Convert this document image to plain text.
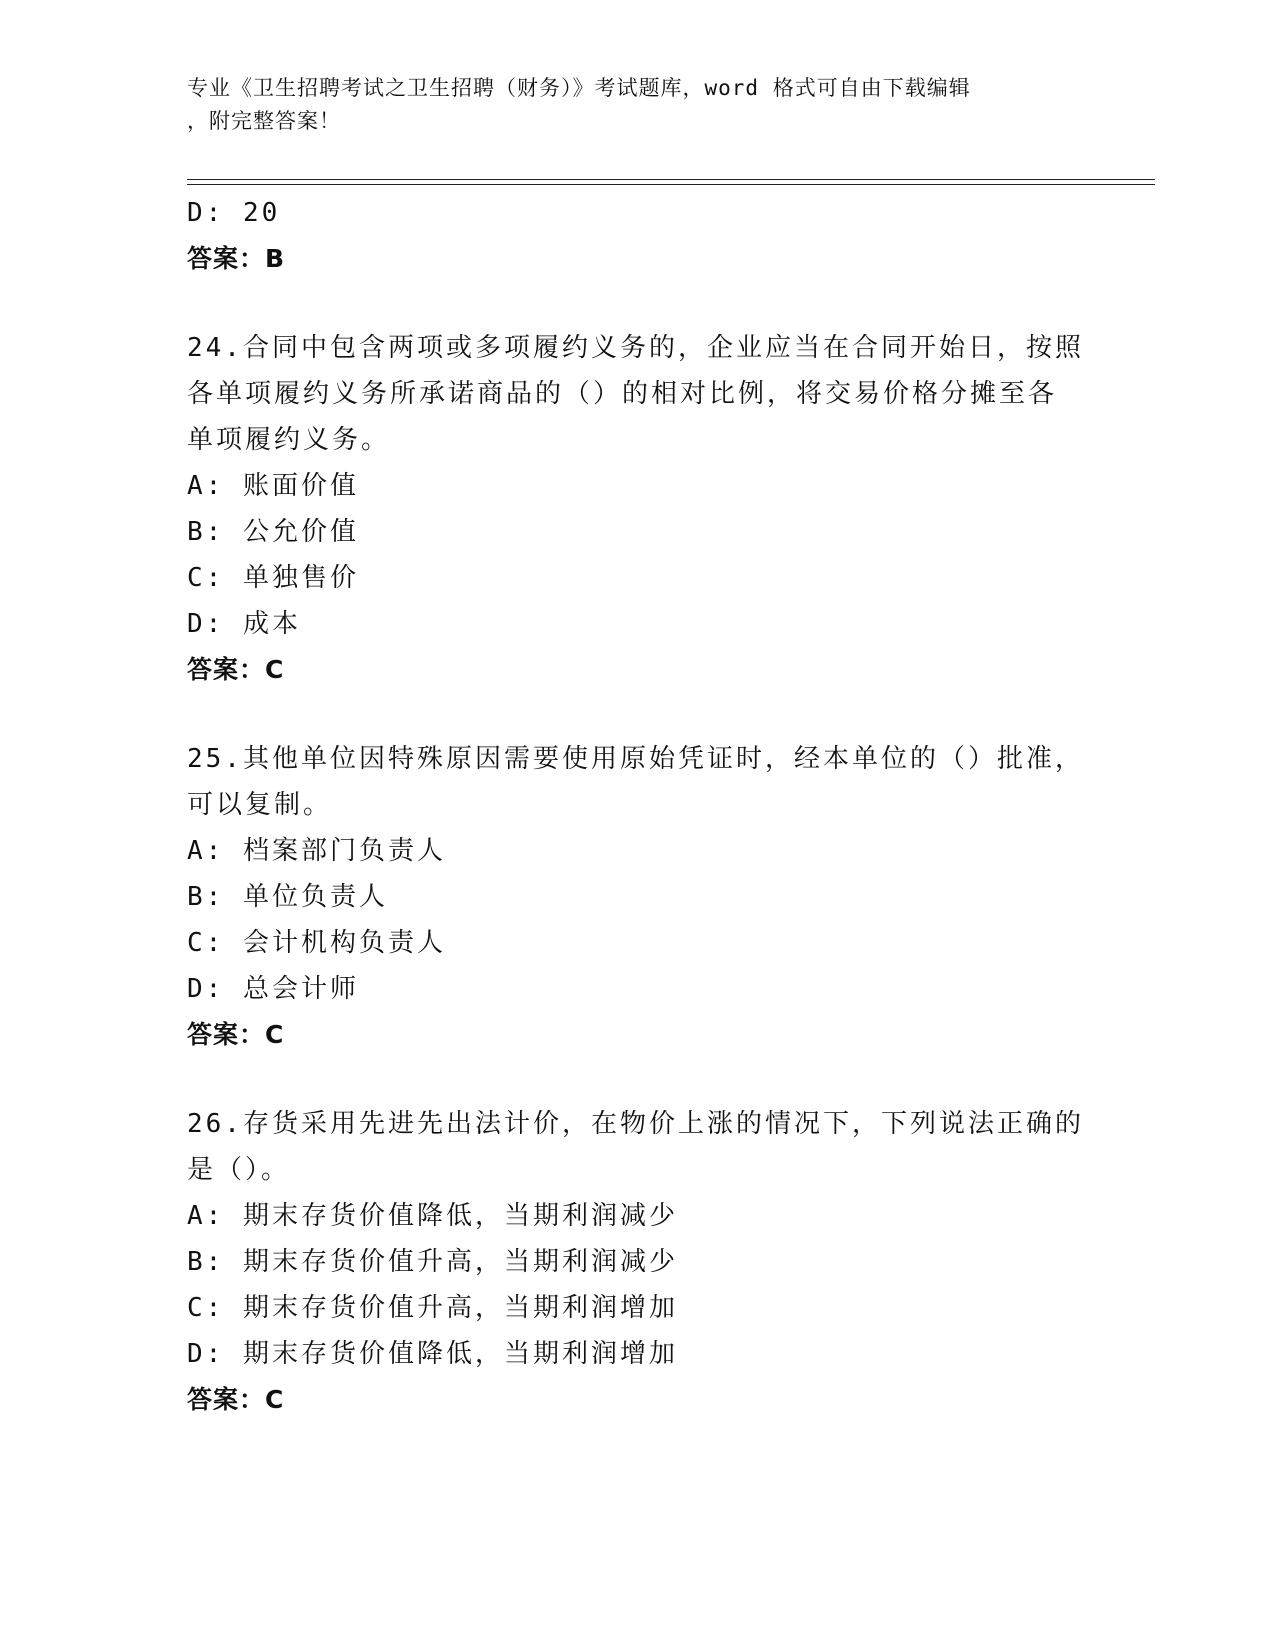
专业《卫生招聘考试之卫生招聘（财务）》考试题库，word 格式可自由下载编辑
，附完整答案！
D: 20
答案：B
24.合同中包含两项或多项履约义务的，企业应当在合同开始日，按照
各单项履约义务所承诺商品的（）的相对比例，将交易价格分摊至各
单项履约义务。
A: 账面价值
B: 公允价值
C: 单独售价
D: 成本
答案：C
25.其他单位因特殊原因需要使用原始凭证时，经本单位的（）批准，
可以复制。
A: 档案部门负责人
B: 单位负责人
C: 会计机构负责人
D: 总会计师
答案：C
26.存货采用先进先出法计价，在物价上涨的情况下，下列说法正确的
是（）。
A: 期末存货价值降低，当期利润减少
B: 期末存货价值升高，当期利润减少
C: 期末存货价值升高，当期利润增加
D: 期末存货价值降低，当期利润增加
答案：C
